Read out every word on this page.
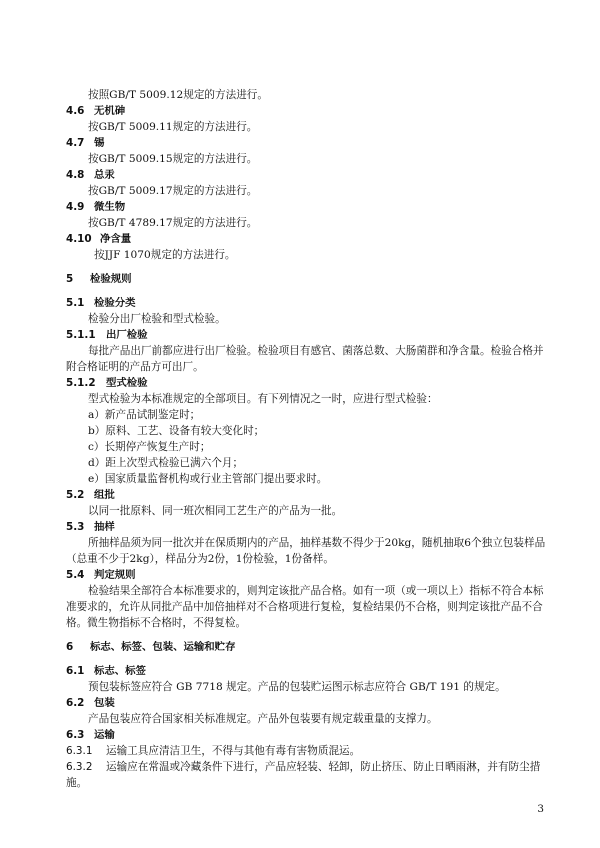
按照GB/T 5009.12规定的方法进行。
4.6 无机砷
按GB/T 5009.11规定的方法进行。
4.7 锡
按GB/T 5009.15规定的方法进行。
4.8 总汞
按GB/T 5009.17规定的方法进行。
4.9 微生物
按GB/T 4789.17规定的方法进行。
4.10 净含量
按JJF 1070规定的方法进行。
5 检验规则
5.1 检验分类
检验分出厂检验和型式检验。
5.1.1 出厂检验
每批产品出厂前都应进行出厂检验。检验项目有感官、菌落总数、大肠菌群和净含量。检验合格并
附合格证明的产品方可出厂。
5.1.2 型式检验
型式检验为本标准规定的全部项目。有下列情况之一时，应进行型式检验：
a）新产品试制鉴定时；
b）原料、工艺、设备有较大变化时；
c）长期停产恢复生产时；
d）距上次型式检验已满六个月；
e）国家质量监督机构或行业主管部门提出要求时。
5.2 组批
以同一批原料、同一班次相同工艺生产的产品为一批。
5.3 抽样
所抽样品须为同一批次并在保质期内的产品，抽样基数不得少于20kg，随机抽取6个独立包装样品
（总重不少于2kg），样品分为2份，1份检验，1份备样。
5.4 判定规则
检验结果全部符合本标准要求的，则判定该批产品合格。如有一项（或一项以上）指标不符合本标
准要求的，允许从同批产品中加倍抽样对不合格项进行复检，复检结果仍不合格，则判定该批产品不合
格。微生物指标不合格时，不得复检。
6 标志、标签、包装、运输和贮存
6.1 标志、标签
预包装标签应符合 GB 7718 规定。产品的包装贮运图示标志应符合 GB/T 191 的规定。
6.2 包装
产品包装应符合国家相关标准规定。产品外包装要有规定载重量的支撑力。
6.3 运输
6.3.1 运输工具应清洁卫生，不得与其他有毒有害物质混运。
6.3.2 运输应在常温或冷藏条件下进行，产品应轻装、轻卸，防止挤压、防止日晒雨淋，并有防尘措
施。
3
